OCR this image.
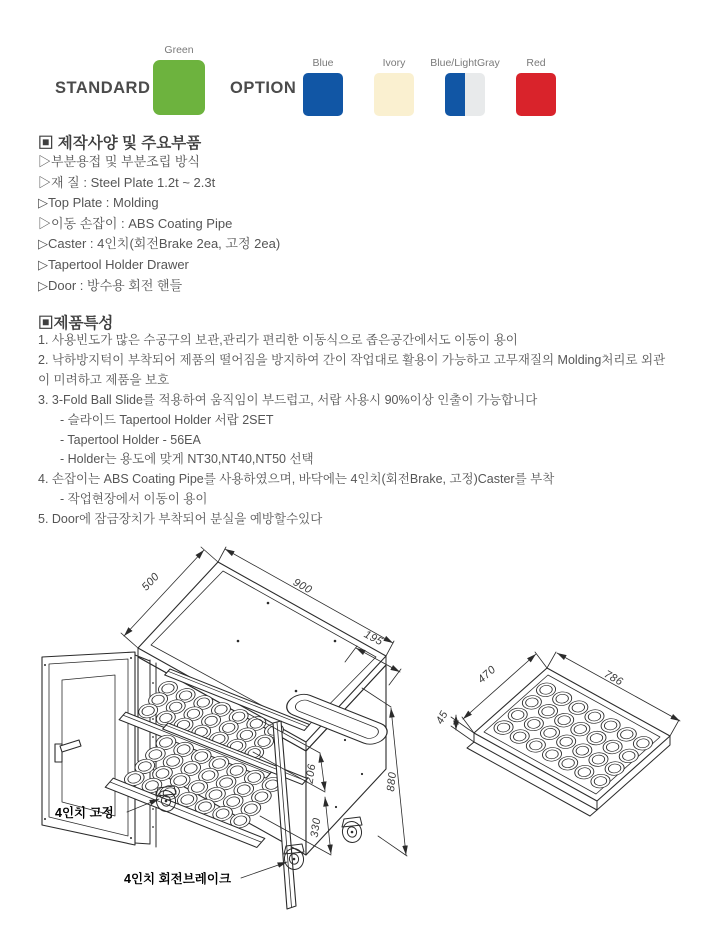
STANDARD
Green
OPTION
Blue	Ivory	Blue/LightGray	Red
▣ 제작사양 및 주요부품
▷부분용접 및 부분조립 방식
▷재 질 : Steel Plate 1.2t ~ 2.3t
▷Top Plate : Molding
▷이동 손잡이 : ABS Coating Pipe
▷Caster : 4인치(회전Brake 2ea, 고정 2ea)
▷Tapertool Holder Drawer
▷Door : 방수용 회전 핸들
▣제품특성
1. 사용빈도가 많은 수공구의 보관,관리가 편리한 이동식으로 좁은공간에서도 이동이 용이
2. 낙하방지턱이 부착되어 제품의 떨어짐을 방지하여 간이 작업대로 활용이 가능하고 고무재질의 Molding처리로 외관
이 미려하고 제품을 보호
3. 3-Fold Ball Slide를 적용하여 움직임이 부드럽고, 서랍 사용시 90%이상 인출이 가능합니다
- 슬라이드 Tapertool Holder 서랍 2SET
- Tapertool Holder - 56EA
- Holder는 용도에 맞게 NT30,NT40,NT50 선택
4. 손잡이는 ABS Coating Pipe를 사용하였으며, 바닥에는 4인치(회전Brake, 고정)Caster를 부착
- 작업현장에서 이동이 용이
5. Door에 잠금장치가 부착되어 분실을 예방할수있다
500	900
195
206
330
880
4인치 고정
4인치 회전브레이크
470	786
45
